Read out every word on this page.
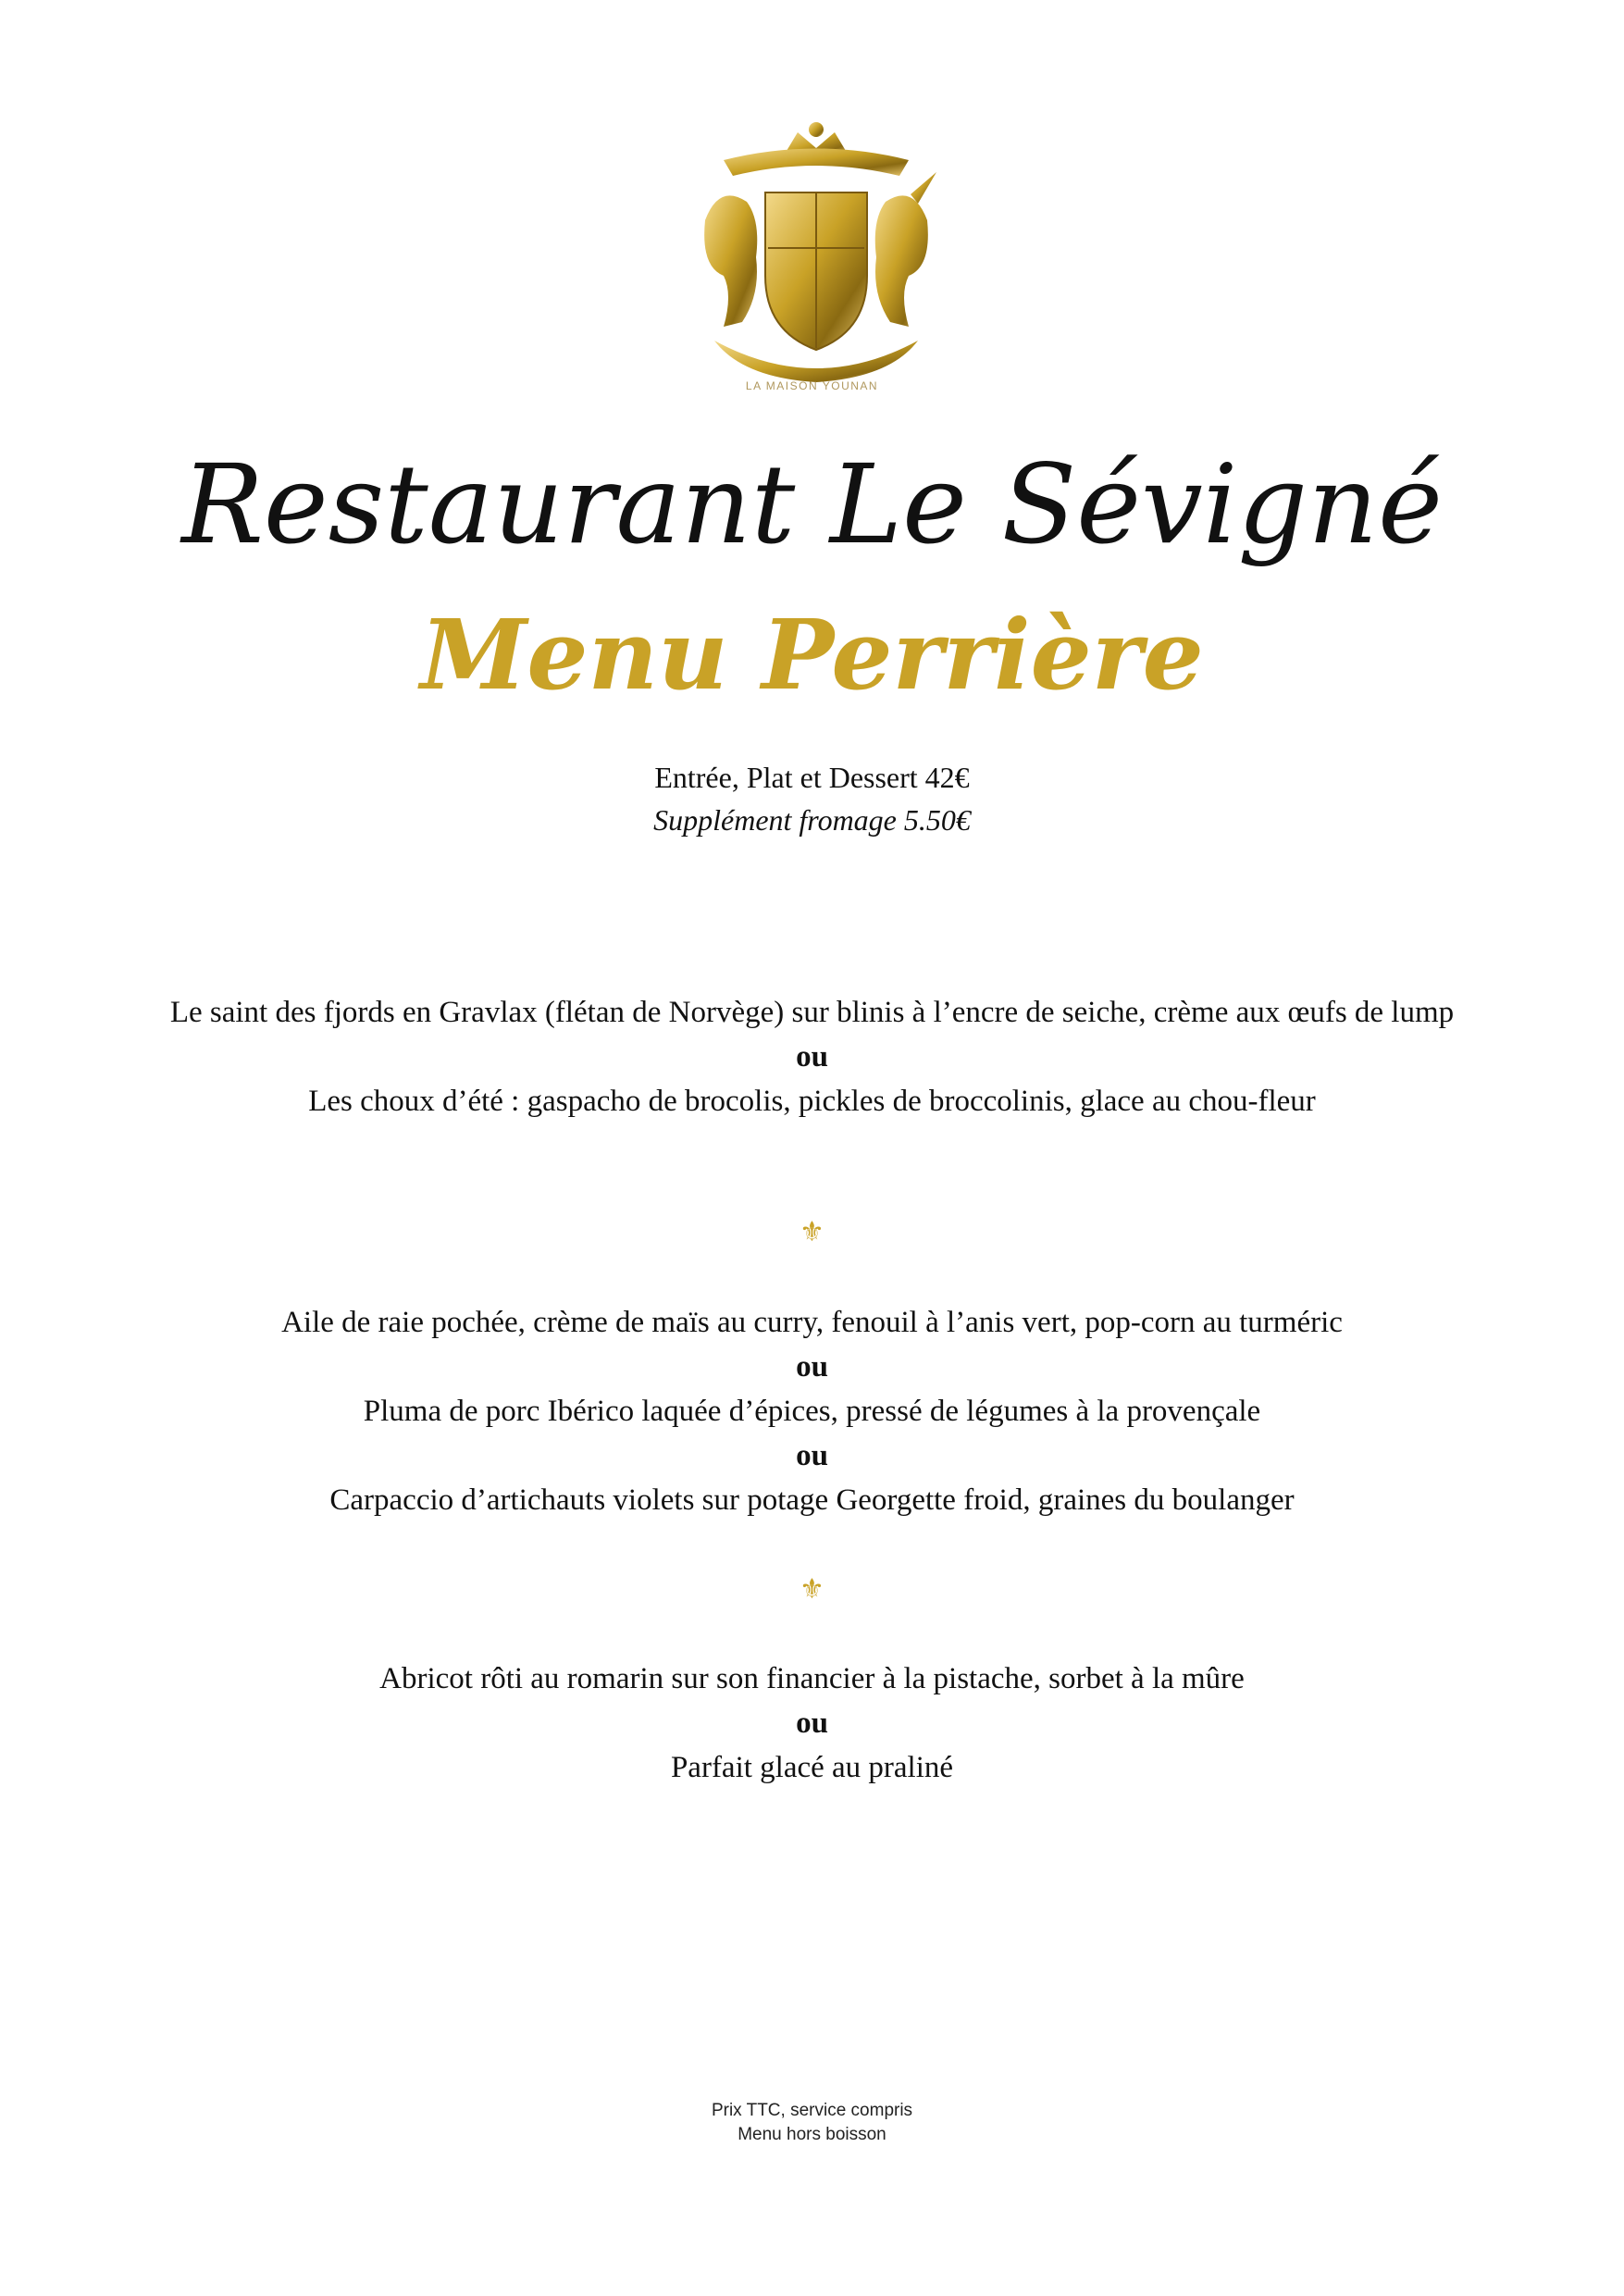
LA MAISON YOUNAN
Restaurant Le Sévigné
Menu Perrière
Entrée, Plat et Dessert 42€
Supplément fromage 5.50€

Le saint des fjords en Gravlax (flétan de Norvège) sur blinis à l’encre de seiche, crème aux œufs de lump

ou

Les choux d’été : gaspacho de brocolis, pickles de broccolinis, glace au chou-fleur

⚜

Aile de raie pochée, crème de maïs au curry, fenouil à l’anis vert, pop-corn au turméric

ou

Pluma de porc Ibérico laquée d’épices, pressé de légumes à la provençale

ou

Carpaccio d’artichauts violets sur potage Georgette froid, graines du boulanger

⚜

Abricot rôti au romarin sur son financier à la pistache, sorbet à la mûre

ou

Parfait glacé au praliné

Prix TTC, service compris

Menu hors boisson
